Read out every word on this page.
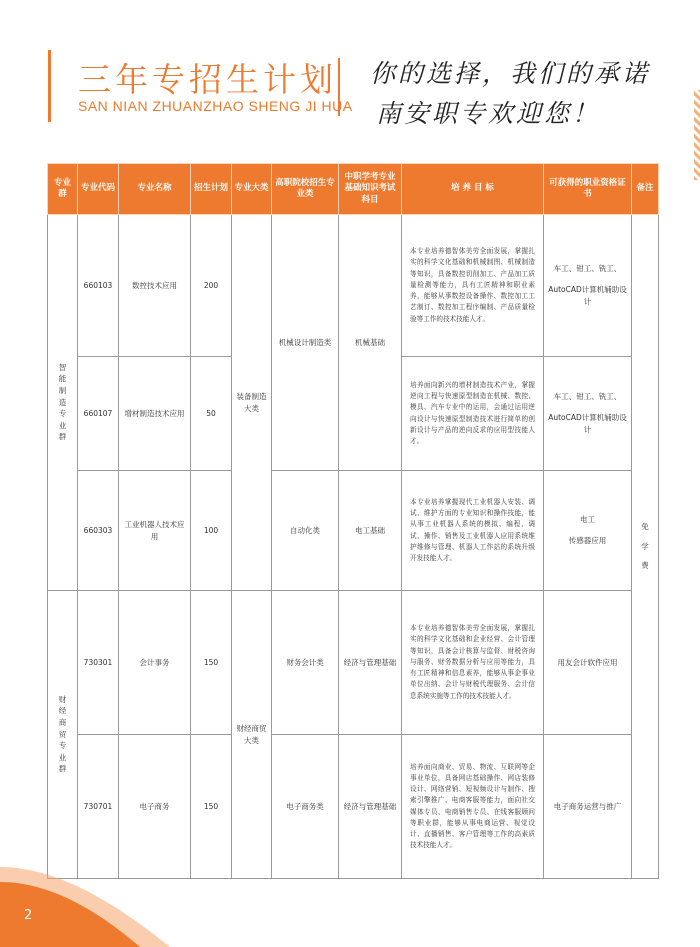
三年专招生计划
SAN NIAN ZHUANZHAO SHENG JI HUA
你的选择，我们的承诺
南安职专欢迎您！
专业群	专业代码	专业名称	招生计划	专业大类	高职院校招生专业类	中职学考专业基础知识考试科目	培 养 目 标	可获得的职业资格证书	备注
智能制造专业群	660103	数控技术应用	200	装备制造大类	机械设计制造类	机械基础	本专业培养德智体美劳全面发展，掌握扎实的科学文化基础和机械制图、机械制造等知识，具备数控切削加工、产品加工质量检测等能力，具有工匠精神和职业素养，能够从事数控设备操作、数控加工工艺制订、数控加工程序编制、产品质量检验等工作的技术技能人才。	车工、钳工、铣工、
AutoCAD计算机辅助设计	免学费
	660107	增材制造技术应用	50				培养面向新兴的增材制造技术产业，掌握逆向工程与快速原型制造在机械、数控、模具、汽车专业中的运用，会通过运用逆向设计与快速原型制造技术进行简单的创新设计与产品的逆向反求的应用型技能人才。	车工、钳工、铣工、
AutoCAD计算机辅助设计	

	660303	工业机器人技术应用	100		自动化类	电工基础	本专业培养掌握现代工业机器人安装、调试、维护方面的专业知识和操作技能，能从事工业机器人系统的模拟、编程、调试、操作、销售及工业机器人应用系统维护维修与管理、机器人工作站的系统升级开发技能人才。	电工
传感器应用	

财经商贸专业群	730301	会计事务	150	财经商贸大类	财务会计类	经济与管理基础	本专业培养德智体美劳全面发展，掌握扎实的科学文化基础和企业经营、会计管理等知识，具备会计核算与监督、财税咨询与服务、财务数据分析与应用等能力，具有工匠精神和信息素养，能够从事企事业单位出纳、会计与财税代理服务、会计信息系统实施等工作的技术技能人才。	用友会计软件应用	

	730701	电子商务	150		电子商务类	经济与管理基础	培养面向商业、贸易、物流、互联网等企事业单位，具备网店基础操作、网店装修设计、网络营销、短视频设计与制作、搜索引擎推广、电商客服等能力，面向社交媒体专员、电商销售专员、在线客服顾问等职业群，能够从事电商运营、视觉设计、直播销售、客户管理等工作的高素质技术技能人才。	电子商务运营与推广	
2
